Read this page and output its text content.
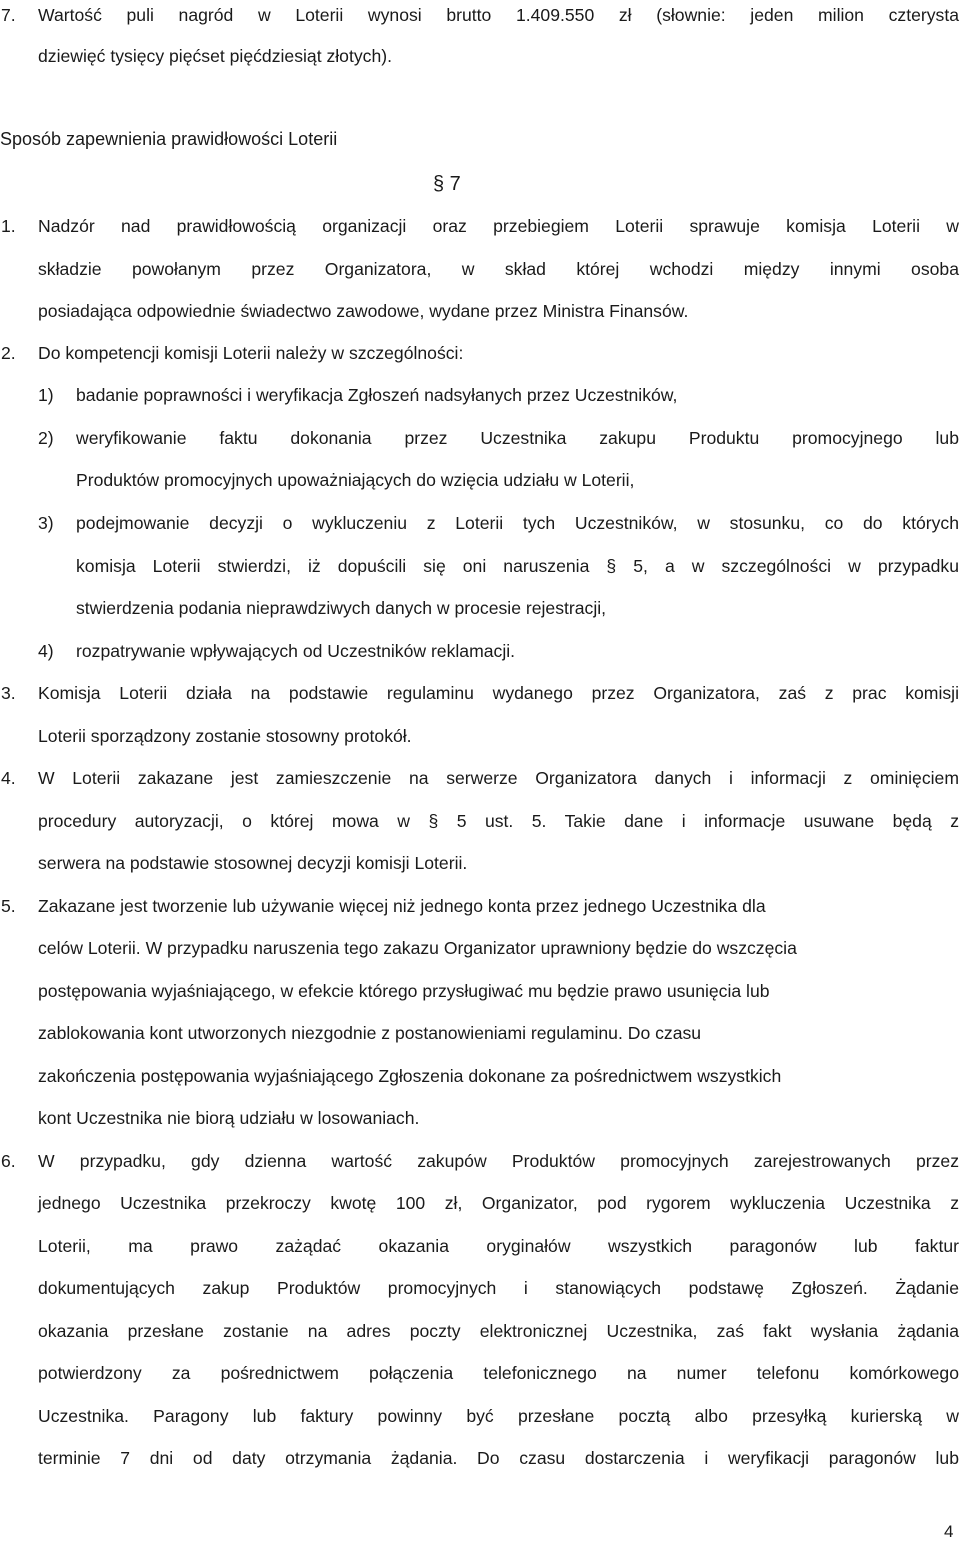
7. Wartość puli nagród w Loterii wynosi brutto 1.409.550 zł (słownie: jeden milion czterysta
dziewięć tysięcy pięćset pięćdziesiąt złotych).
Sposób zapewnienia prawidłowości Loterii
§ 7
1. Nadzór nad prawidłowością organizacji oraz przebiegiem Loterii sprawuje komisja Loterii w
składzie powołanym przez Organizatora, w skład której wchodzi między innymi osoba
posiadająca odpowiednie świadectwo zawodowe, wydane przez Ministra Finansów.
2. Do kompetencji komisji Loterii należy w szczególności:
1) badanie poprawności i weryfikacja Zgłoszeń nadsyłanych przez Uczestników,
2) weryfikowanie faktu dokonania przez Uczestnika zakupu Produktu promocyjnego lub
Produktów promocyjnych upoważniających do wzięcia udziału w Loterii,
3) podejmowanie decyzji o wykluczeniu z Loterii tych Uczestników, w stosunku, co do których
komisja Loterii stwierdzi, iż dopuścili się oni naruszenia § 5, a w szczególności w przypadku
stwierdzenia podania nieprawdziwych danych w procesie rejestracji,
4) rozpatrywanie wpływających od Uczestników reklamacji.
3. Komisja Loterii działa na podstawie regulaminu wydanego przez Organizatora, zaś z prac komisji
Loterii sporządzony zostanie stosowny protokół.
4. W Loterii zakazane jest zamieszczenie na serwerze Organizatora danych i informacji z ominięciem
procedury autoryzacji, o której mowa w § 5 ust. 5. Takie dane i informacje usuwane będą z
serwera na podstawie stosownej decyzji komisji Loterii.
5. Zakazane jest tworzenie lub używanie więcej niż jednego konta przez jednego Uczestnika dla
celów Loterii. W przypadku naruszenia tego zakazu Organizator uprawniony będzie do wszczęcia
postępowania wyjaśniającego, w efekcie którego przysługiwać mu będzie prawo usunięcia lub
zablokowania kont utworzonych niezgodnie z postanowieniami regulaminu. Do czasu
zakończenia postępowania wyjaśniającego Zgłoszenia dokonane za pośrednictwem wszystkich
kont Uczestnika nie biorą udziału w losowaniach.
6. W przypadku, gdy dzienna wartość zakupów Produktów promocyjnych zarejestrowanych przez
jednego Uczestnika przekroczy kwotę 100 zł, Organizator, pod rygorem wykluczenia Uczestnika z
Loterii, ma prawo zażądać okazania oryginałów wszystkich paragonów lub faktur
dokumentujących zakup Produktów promocyjnych i stanowiących podstawę Zgłoszeń. Żądanie
okazania przesłane zostanie na adres poczty elektronicznej Uczestnika, zaś fakt wysłania żądania
potwierdzony za pośrednictwem połączenia telefonicznego na numer telefonu komórkowego
Uczestnika. Paragony lub faktury powinny być przesłane pocztą albo przesyłką kurierską w
terminie 7 dni od daty otrzymania żądania. Do czasu dostarczenia i weryfikacji paragonów lub
4
